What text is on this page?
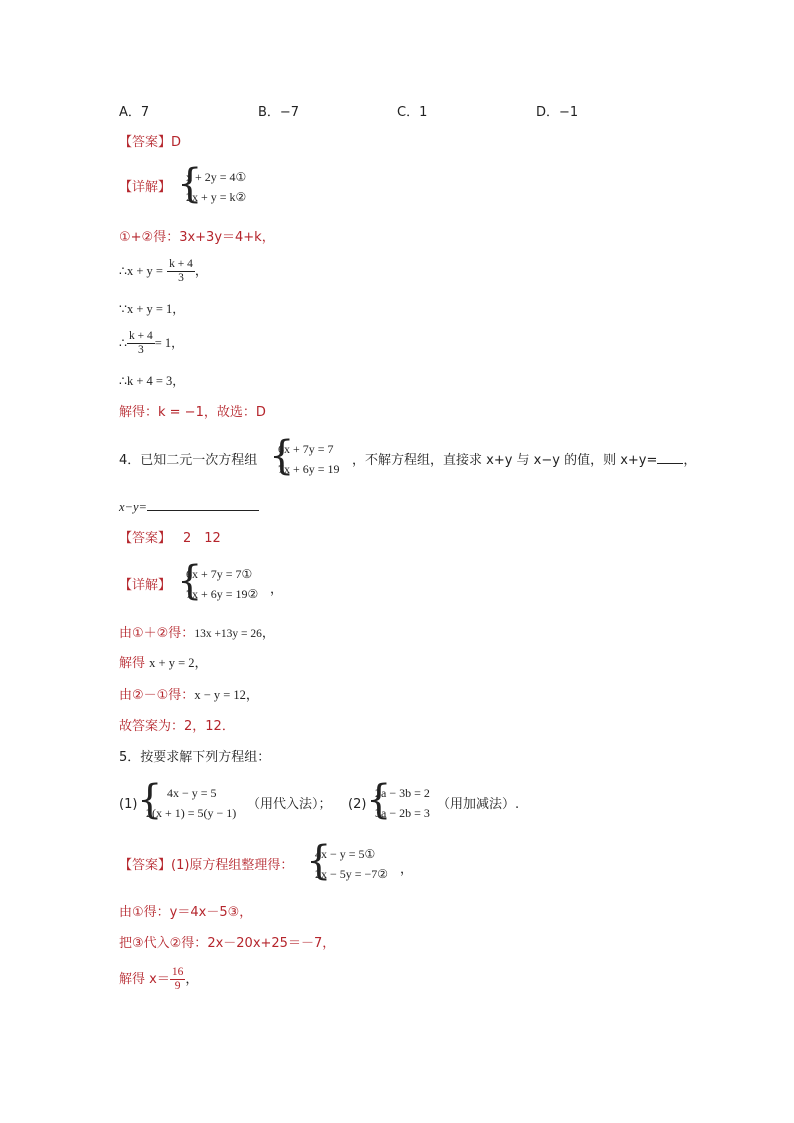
A．7	B．−7	C．1	D．−1
【答案】D
【详解】 {
x + 2y = 4①
2x + y = k②
①+②得：3x+3y＝4+k，
∴x + $y = \frac{k + 4}{3}$ ，
∵x + y = 1，
∴ $\frac{k + 4}{3} = 1$，
∴k + 4 = 3，
解得：k = −1，故选：D
4．已知二元一次方程组 {
6x + 7y = 7
7x + 6y = 19
，不解方程组，直接求 x+y 与 x−y 的值，则 x+y= ，
x−y=
【答案】 2　12
【详解】 {
6x + 7y = 7①
7x + 6y = 19② ，
由①＋②得：13x +13y = 26，
解得 x + y = 2，
由②－①得：x − y = 12，
故答案为：2，12．
5．按要求解下列方程组：
(1) { 4x − y = 5
2(x + 1) = 5(y − 1)
（用代入法）； (2) {
2a − 3b = 2
3a − 2b = 3
（用加减法）.
【答案】(1)原方程组整理得： {
4x − y = 5①
2x − 5y = −7② ，
由①得：y＝4x－5③，
把③代入②得：2x－20x+25＝－7，
解得 $x= \frac{16}{9}$ ，
